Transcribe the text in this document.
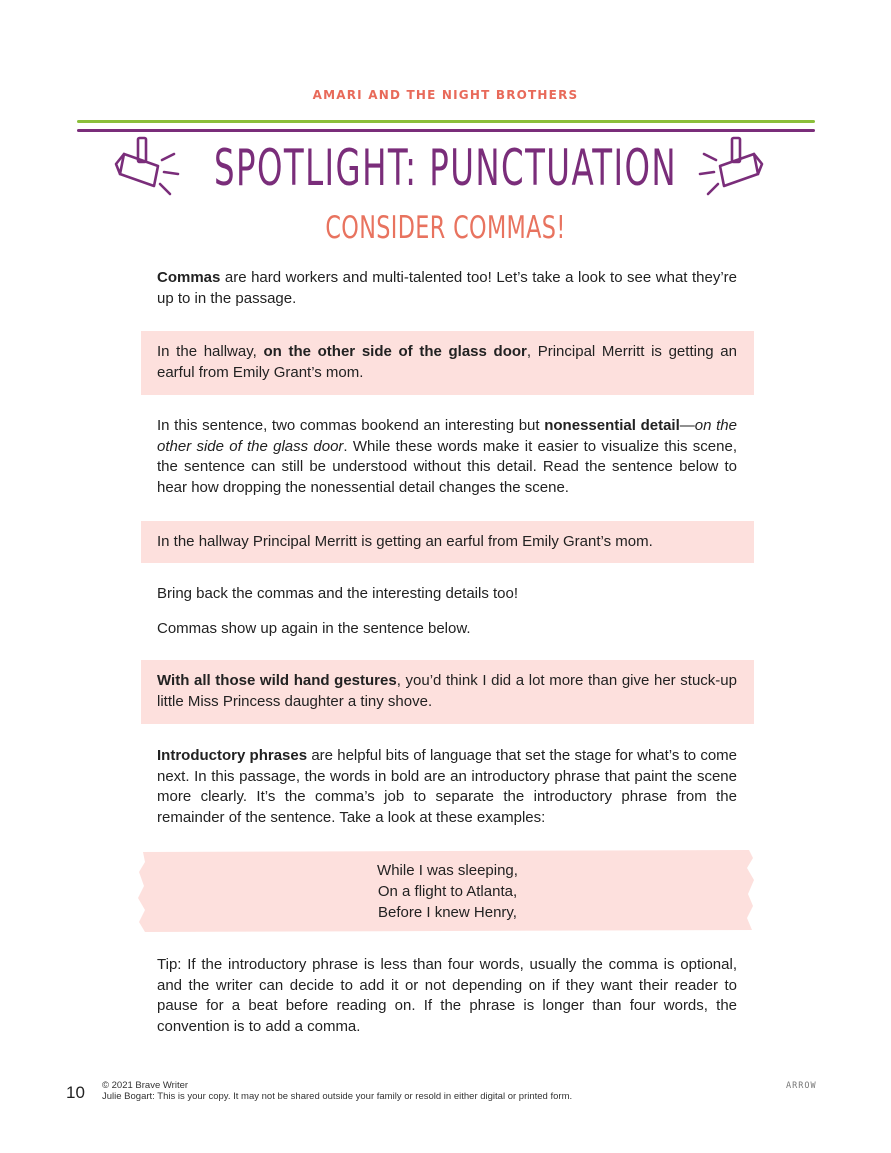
AMARI AND THE NIGHT BROTHERS
SPOTLIGHT: PUNCTUATION
CONSIDER COMMAS!
Commas are hard workers and multi-talented too! Let’s take a look to see what they’re up to in the passage.
In the hallway, on the other side of the glass door, Principal Merritt is getting an earful from Emily Grant’s mom.
In this sentence, two commas bookend an interesting but nonessential detail—on the other side of the glass door. While these words make it easier to visualize this scene, the sentence can still be understood without this detail. Read the sentence below to hear how dropping the nonessential detail changes the scene.
In the hallway Principal Merritt is getting an earful from Emily Grant’s mom.
Bring back the commas and the interesting details too!
Commas show up again in the sentence below.
With all those wild hand gestures, you’d think I did a lot more than give her stuck-up little Miss Princess daughter a tiny shove.
Introductory phrases are helpful bits of language that set the stage for what’s to come next. In this passage, the words in bold are an introductory phrase that paint the scene more clearly. It’s the comma’s job to separate the introductory phrase from the remainder of the sentence. Take a look at these examples:
While I was sleeping,
On a flight to Atlanta,
Before I knew Henry,
Tip: If the introductory phrase is less than four words, usually the comma is optional, and the writer can decide to add it or not depending on if they want their reader to pause for a beat before reading on. If the phrase is longer than four words, the convention is to add a comma.
10 © 2021 Brave Writer
Julie Bogart: This is your copy. It may not be shared outside your family or resold in either digital or printed form.
ARROW
